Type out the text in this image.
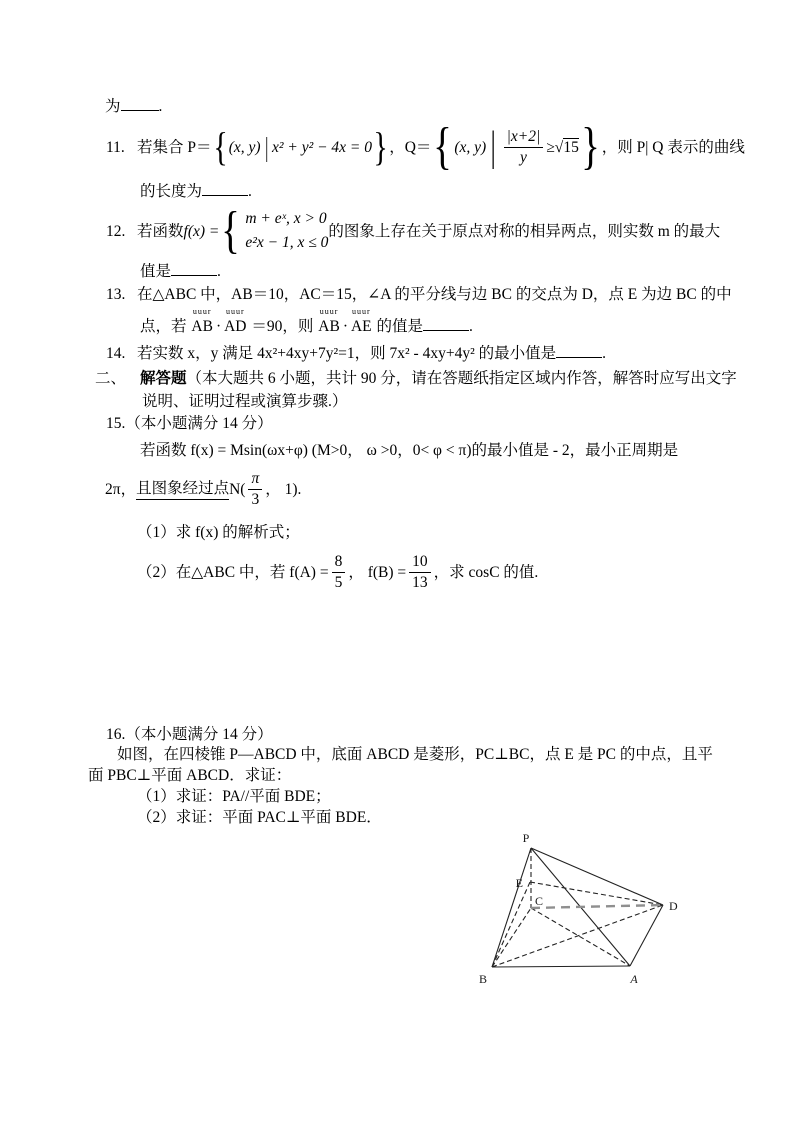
为 .
11. 若集合 P＝ { (x, y) | x² + y² − 4x = 0 } ，Q＝ { (x, y) | $\frac{|x+2|}{y} \ge √15$ } ，则 P| Q 表示的曲线
的长度为	.
12. 若函数 f(x) = { m + eˣ, x > 0
e²x − 1, x ≤ 0
的图象上存在关于原点对称的相异两点，则实数 m 的最大
值是	.
13. 在△ABC 中，AB＝10，AC＝15，∠A 的平分线与边 BC 的交点为 D，点 E 为边 BC 的中
点，若
uuur
AB ·
uuur
AD ＝90，则
uuur
AB ·
uuur
AE 的值是	.
14. 若实数 x，y 满足 4x²+4xy+7y²=1，则 7x² - 4xy+4y² 的最小值是	.
二、 解答题（本大题共 6 小题，共计 90 分，请在答题纸指定区域内作答，解答时应写出文字
说明、证明过程或演算步骤.）
15.（本小题满分 14 分）
若函数 f(x) = Msin(ωx+φ) (M>0， ω >0，0< φ < π)的最小值是 - 2，最小正周期是
2π， 且图象经过点 $N( \frac{\pi}{3}$ ， 1).
（1）求 f(x) 的解析式；
（2）在△ABC 中，若 $f(A) = \frac{8}{5}$ ， $f(B) = \frac{10}{13}$ ，求 cosC 的值.
16.（本小题满分 14 分）
如图，在四棱锥 P—ABCD 中，底面 ABCD 是菱形，PC⊥BC，点 E 是 PC 的中点，且平
面 PBC⊥平面 ABCD．求证：
（1）求证：PA//平面 BDE；
（2）求证：平面 PAC⊥平面 BDE．
P
E
C
B	A
D
